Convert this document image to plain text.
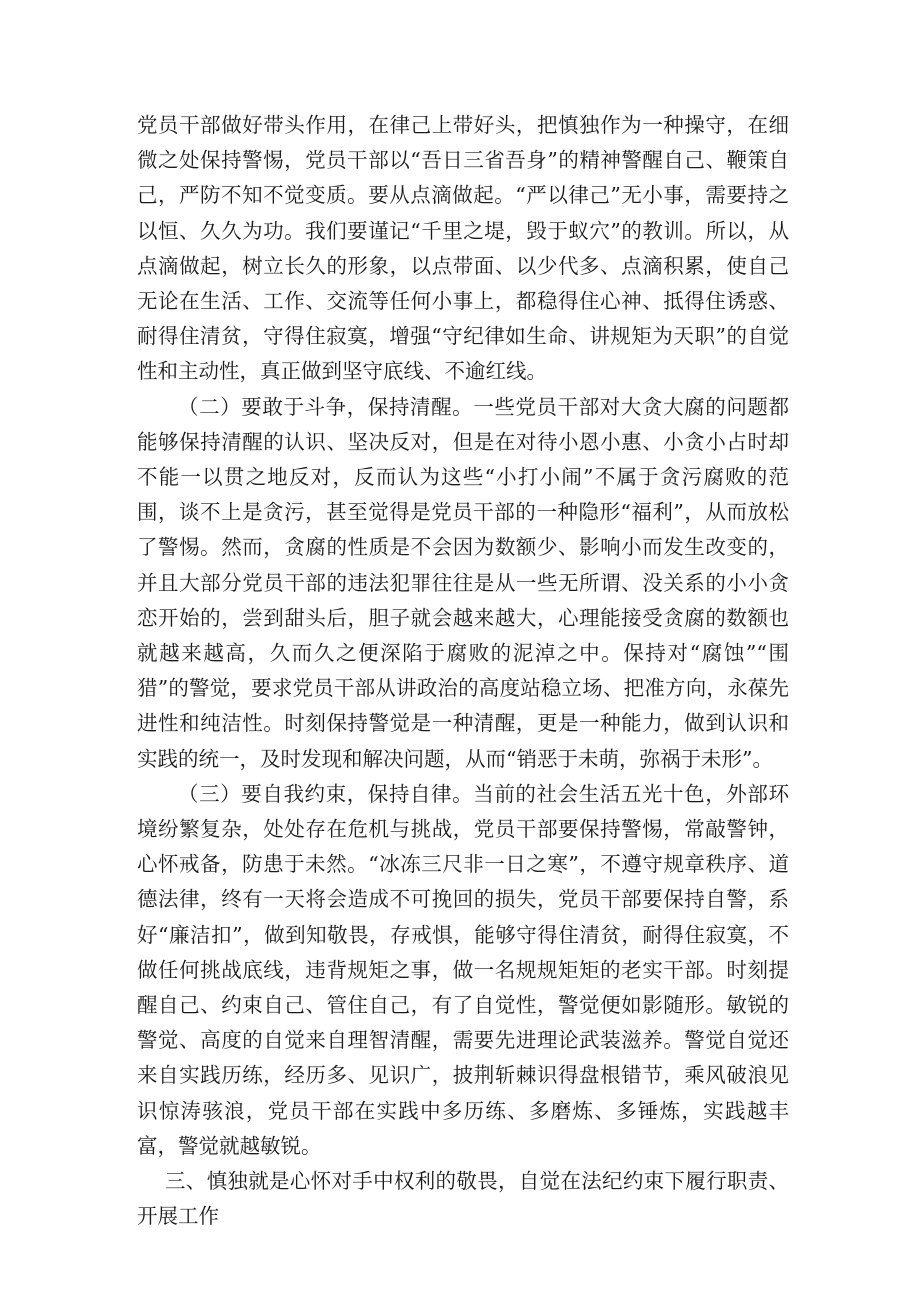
党员干部做好带头作用，在律己上带好头，把慎独作为一种操守，在细微之处保持警惕，党员干部以“吾日三省吾身”的精神警醒自己、鞭策自己，严防不知不觉变质。要从点滴做起。“严以律己”无小事，需要持之以恒、久久为功。我们要谨记“千里之堤，毁于蚁穴”的教训。所以，从点滴做起，树立长久的形象，以点带面、以少代多、点滴积累，使自己无论在生活、工作、交流等任何小事上，都稳得住心神、抵得住诱惑、耐得住清贫，守得住寂寞，增强“守纪律如生命、讲规矩为天职”的自觉性和主动性，真正做到坚守底线、不逾红线。

（二）要敢于斗争，保持清醒。一些党员干部对大贪大腐的问题都能够保持清醒的认识、坚决反对，但是在对待小恩小惠、小贪小占时却不能一以贯之地反对，反而认为这些“小打小闹”不属于贪污腐败的范围，谈不上是贪污，甚至觉得是党员干部的一种隐形“福利”，从而放松了警惕。然而，贪腐的性质是不会因为数额少、影响小而发生改变的，并且大部分党员干部的违法犯罪往往是从一些无所谓、没关系的小小贪恋开始的，尝到甜头后，胆子就会越来越大，心理能接受贪腐的数额也就越来越高，久而久之便深陷于腐败的泥淖之中。保持对“腐蚀”“围猎”的警觉，要求党员干部从讲政治的高度站稳立场、把准方向，永葆先进性和纯洁性。时刻保持警觉是一种清醒，更是一种能力，做到认识和实践的统一，及时发现和解决问题，从而“销恶于未萌，弥祸于未形”。

（三）要自我约束，保持自律。当前的社会生活五光十色，外部环境纷繁复杂，处处存在危机与挑战，党员干部要保持警惕，常敲警钟，心怀戒备，防患于未然。“冰冻三尺非一日之寒”，不遵守规章秩序、道德法律，终有一天将会造成不可挽回的损失，党员干部要保持自警，系好“廉洁扣”，做到知敬畏，存戒惧，能够守得住清贫，耐得住寂寞，不做任何挑战底线，违背规矩之事，做一名规规矩矩的老实干部。时刻提醒自己、约束自己、管住自己，有了自觉性，警觉便如影随形。敏锐的警觉、高度的自觉来自理智清醒，需要先进理论武装滋养。警觉自觉还来自实践历练，经历多、见识广，披荆斩棘识得盘根错节，乘风破浪见识惊涛骇浪，党员干部在实践中多历练、多磨炼、多锤炼，实践越丰富，警觉就越敏锐。

三、慎独就是心怀对手中权利的敬畏，自觉在法纪约束下履行职责、开展工作
